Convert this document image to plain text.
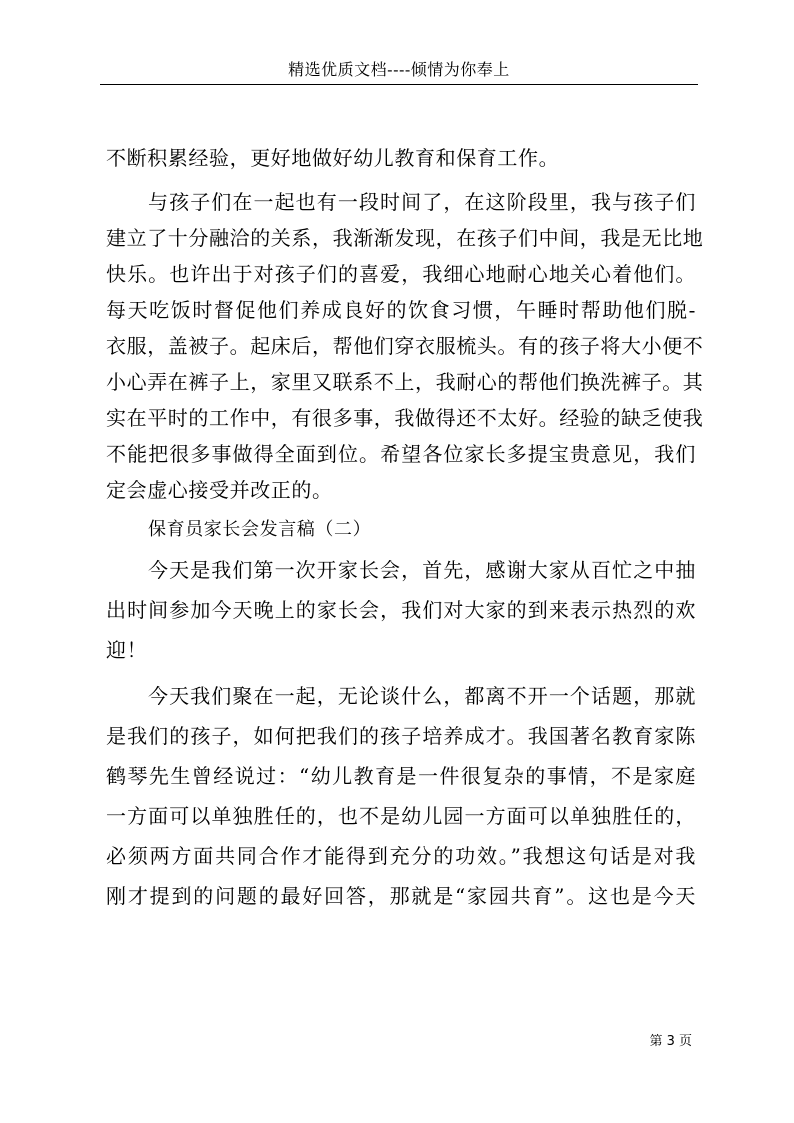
精选优质文档----倾情为你奉上
不断积累经验，更好地做好幼儿教育和保育工作。
与孩子们在一起也有一段时间了，在这阶段里，我与孩子们
建立了十分融洽的关系，我渐渐发现，在孩子们中间，我是无比地
快乐。也许出于对孩子们的喜爱，我细心地耐心地关心着他们。
每天吃饭时督促他们养成良好的饮食习惯，午睡时帮助他们脱-
衣服，盖被子。起床后，帮他们穿衣服梳头。有的孩子将大小便不
小心弄在裤子上，家里又联系不上，我耐心的帮他们换洗裤子。其
实在平时的工作中，有很多事，我做得还不太好。经验的缺乏使我
不能把很多事做得全面到位。希望各位家长多提宝贵意见，我们
定会虚心接受并改正的。
保育员家长会发言稿（二）
今天是我们第一次开家长会，首先，感谢大家从百忙之中抽
出时间参加今天晚上的家长会，我们对大家的到来表示热烈的欢
迎！
今天我们聚在一起，无论谈什么，都离不开一个话题，那就
是我们的孩子，如何把我们的孩子培养成才。我国著名教育家陈
鹤琴先生曾经说过：“幼儿教育是一件很复杂的事情，不是家庭
一方面可以单独胜任的，也不是幼儿园一方面可以单独胜任的，
必须两方面共同合作才能得到充分的功效。”我想这句话是对我
刚才提到的问题的最好回答，那就是“家园共育”。这也是今天
第 3 页
